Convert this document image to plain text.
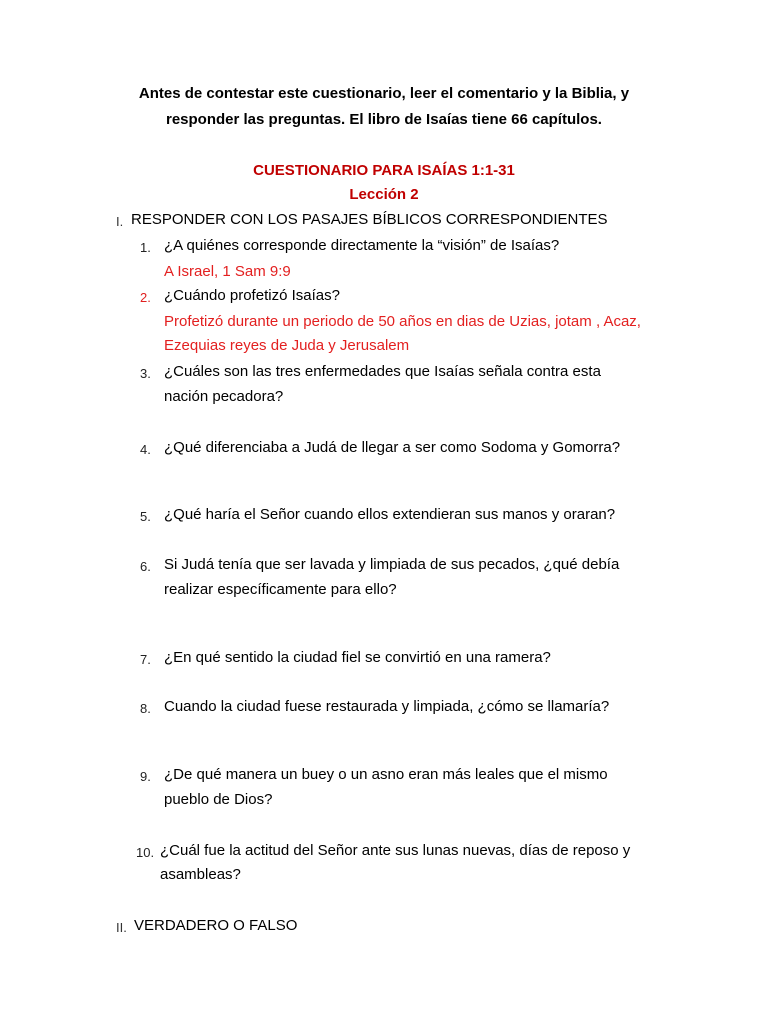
Antes de contestar este cuestionario, leer el comentario y la Biblia, y
responder las preguntas. El libro de Isaías tiene 66 capítulos.
CUESTIONARIO PARA ISAÍAS 1:1-31
Lección 2
I. RESPONDER CON LOS PASAJES BÍBLICOS CORRESPONDIENTES
1. ¿A quiénes corresponde directamente la “visión” de Isaías?
A Israel, 1 Sam 9:9
2. ¿Cuándo profetizó Isaías?
Profetizó durante un periodo de 50 años en dias de Uzias, jotam , Acaz,
Ezequias reyes de Juda y Jerusalem
3. ¿Cuáles son las tres enfermedades que Isaías señala contra esta
nación pecadora?
4. ¿Qué diferenciaba a Judá de llegar a ser como Sodoma y Gomorra?
5. ¿Qué haría el Señor cuando ellos extendieran sus manos y oraran?
6. Si Judá tenía que ser lavada y limpiada de sus pecados, ¿qué debía
realizar específicamente para ello?
7. ¿En qué sentido la ciudad fiel se convirtió en una ramera?
8. Cuando la ciudad fuese restaurada y limpiada, ¿cómo se llamaría?
9. ¿De qué manera un buey o un asno eran más leales que el mismo
pueblo de Dios?
10. ¿Cuál fue la actitud del Señor ante sus lunas nuevas, días de reposo y
asambleas?
II. VERDADERO O FALSO
